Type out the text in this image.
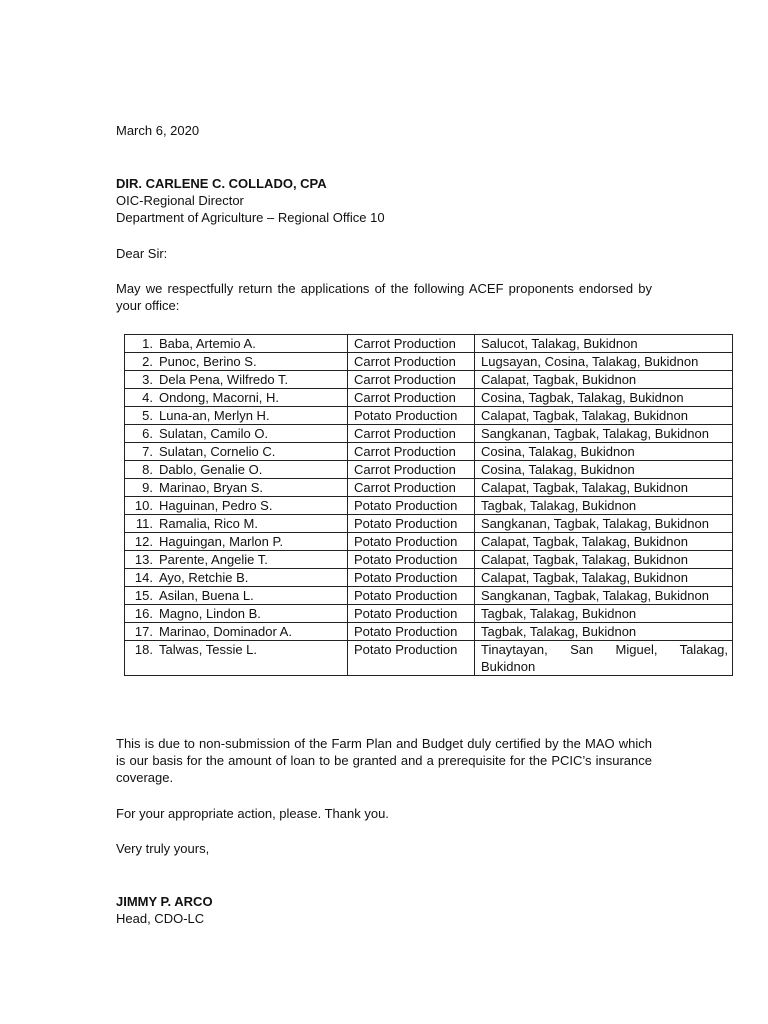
March 6, 2020
DIR. CARLENE C. COLLADO, CPA
OIC-Regional Director
Department of Agriculture – Regional Office 10
Dear Sir:
May we respectfully return the applications of the following ACEF proponents endorsed by your office:
1. Baba, Artemio A.	Carrot Production	Salucot, Talakag, Bukidnon
2. Punoc, Berino S.	Carrot Production	Lugsayan, Cosina, Talakag, Bukidnon
3. Dela Pena, Wilfredo T.	Carrot Production	Calapat, Tagbak, Bukidnon
4. Ondong, Macorni, H.	Carrot Production	Cosina, Tagbak, Talakag, Bukidnon
5. Luna-an, Merlyn H.	Potato Production	Calapat, Tagbak, Talakag, Bukidnon
6. Sulatan, Camilo O.	Carrot Production	Sangkanan, Tagbak, Talakag, Bukidnon
7. Sulatan, Cornelio C.	Carrot Production	Cosina, Talakag, Bukidnon
8. Dablo, Genalie O.	Carrot Production	Cosina, Talakag, Bukidnon
9. Marinao, Bryan S.	Carrot Production	Calapat, Tagbak, Talakag, Bukidnon
10. Haguinan, Pedro S.	Potato Production	Tagbak, Talakag, Bukidnon
11. Ramalia, Rico M.	Potato Production	Sangkanan, Tagbak, Talakag, Bukidnon
12. Haguingan, Marlon P.	Potato Production	Calapat, Tagbak, Talakag, Bukidnon
13. Parente, Angelie T.	Potato Production	Calapat, Tagbak, Talakag, Bukidnon
14. Ayo, Retchie B.	Potato Production	Calapat, Tagbak, Talakag, Bukidnon
15. Asilan, Buena L.	Potato Production	Sangkanan, Tagbak, Talakag, Bukidnon
16. Magno, Lindon B.	Potato Production	Tagbak, Talakag, Bukidnon
17. Marinao, Dominador A.	Potato Production	Tagbak, Talakag, Bukidnon
18. Talwas, Tessie L.	Potato Production	Tinaytayan, San Miguel, Talakag, Bukidnon
This is due to non-submission of the Farm Plan and Budget duly certified by the MAO which is our basis for the amount of loan to be granted and a prerequisite for the PCIC’s insurance coverage.
For your appropriate action, please. Thank you.
Very truly yours,
JIMMY P. ARCO
Head, CDO-LC
